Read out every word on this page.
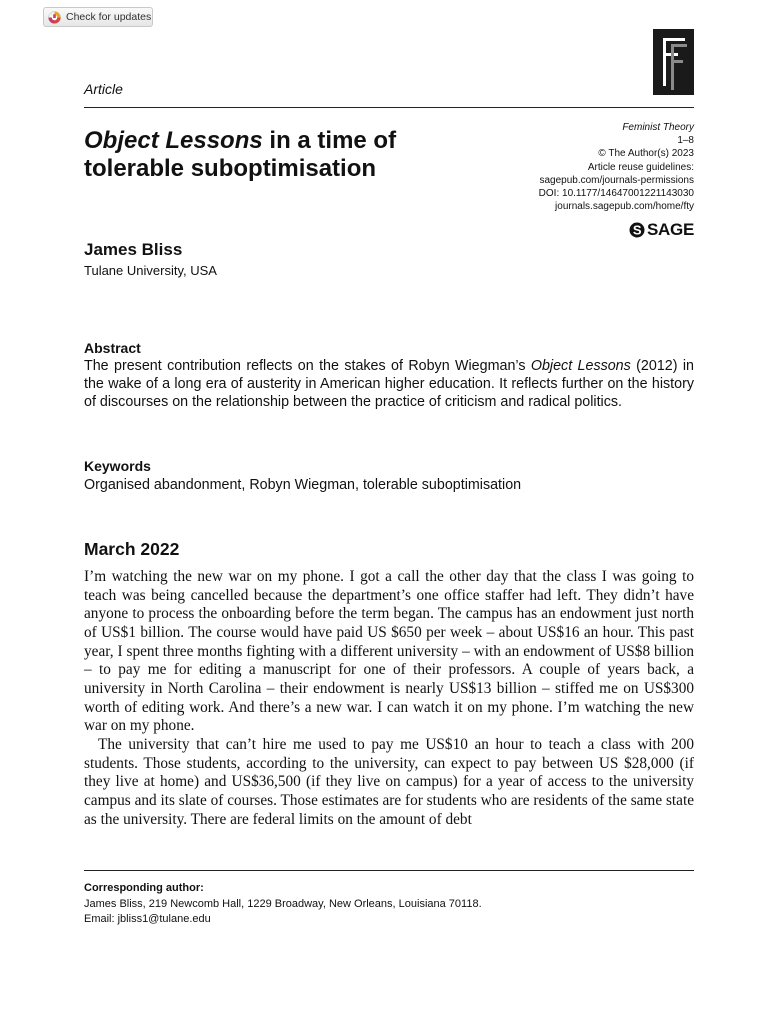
Check for updates
Article
Object Lessons in a time of
tolerable suboptimisation
Feminist Theory
1–8
© The Author(s) 2023
Article reuse guidelines:
sagepub.com/journals-permissions
DOI: 10.1177/14647001221143030
journals.sagepub.com/home/fty
S SAGE
James Bliss
Tulane University, USA
Abstract
The present contribution reflects on the stakes of Robyn Wiegman’s Object Lessons (2012) in the wake of a long era of austerity in American higher education. It reflects further on the history of discourses on the relationship between the practice of criticism and radical politics.
Keywords
Organised abandonment, Robyn Wiegman, tolerable suboptimisation
March 2022

I’m watching the new war on my phone. I got a call the other day that the class I was going to teach was being cancelled because the department’s one office staffer had left. They didn’t have anyone to process the onboarding before the term began. The campus has an endowment just north of US$1 billion. The course would have paid US $650 per week – about US$16 an hour. This past year, I spent three months fighting with a different university – with an endowment of US$8 billion – to pay me for editing a manuscript for one of their professors. A couple of years back, a university in North Carolina – their endowment is nearly US$13 billion – stiffed me on US$300 worth of editing work. And there’s a new war. I can watch it on my phone. I’m watching the new war on my phone.

The university that can’t hire me used to pay me US$10 an hour to teach a class with 200 students. Those students, according to the university, can expect to pay between US $28,000 (if they live at home) and US$36,500 (if they live on campus) for a year of access to the university campus and its slate of courses. Those estimates are for students who are residents of the same state as the university. There are federal limits on the amount of debt

Corresponding author:
James Bliss, 219 Newcomb Hall, 1229 Broadway, New Orleans, Louisiana 70118.
Email: jbliss1@tulane.edu
